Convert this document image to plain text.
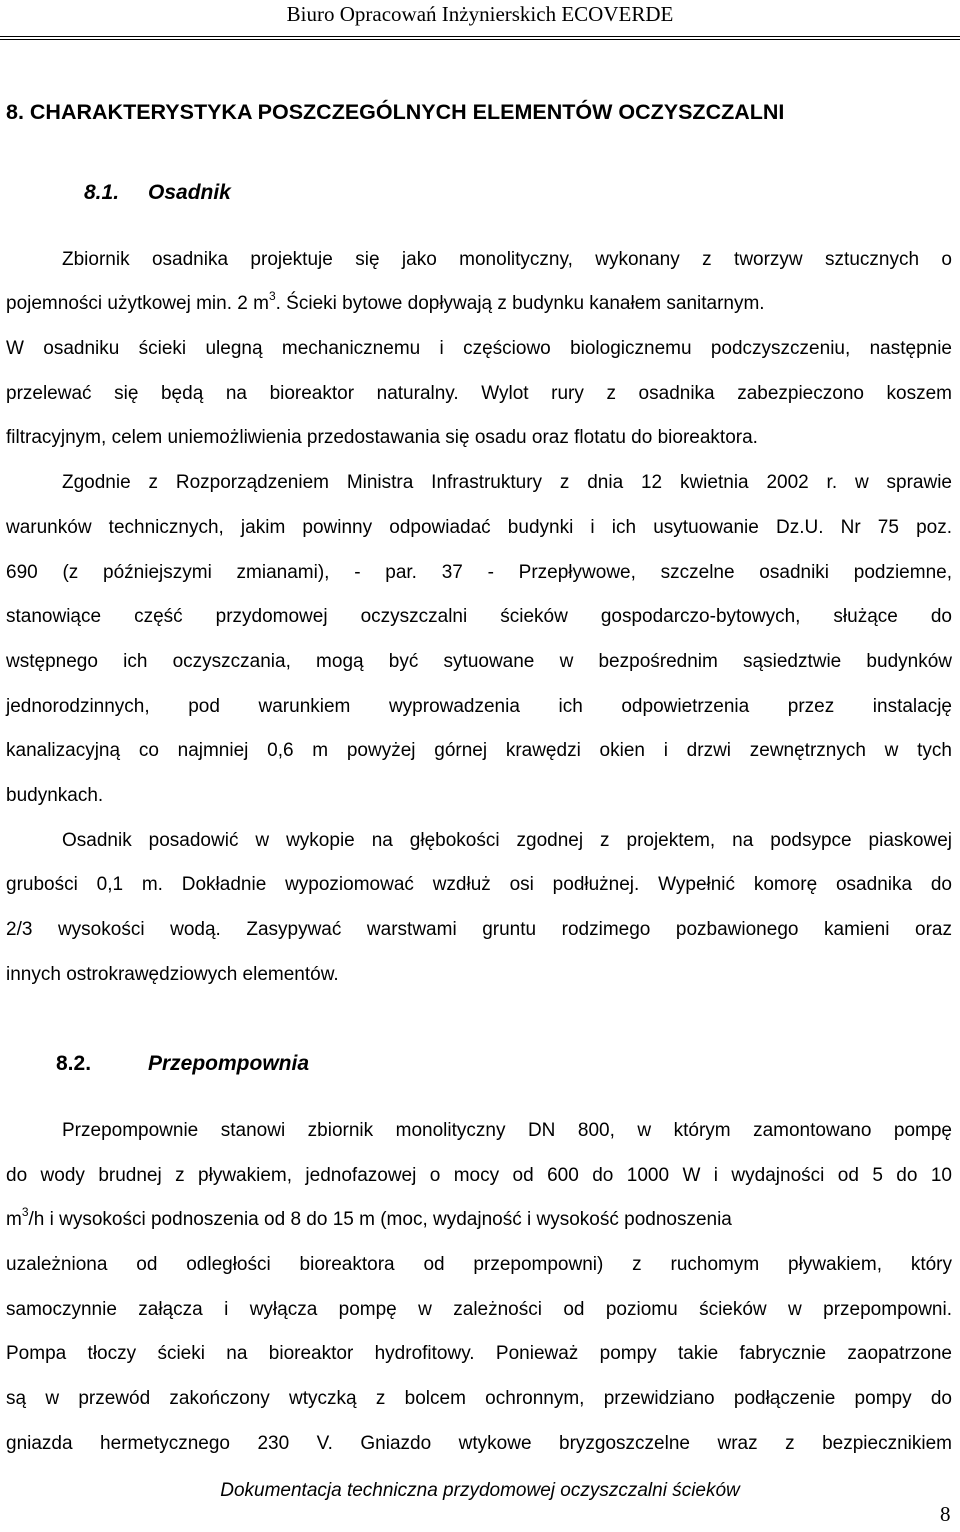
Biuro Opracowań Inżynierskich ECOVERDE
8. CHARAKTERYSTYKA POSZCZEGÓLNYCH ELEMENTÓW OCZYSZCZALNI
8.1. Osadnik
Zbiornik osadnika projektuje się jako monolityczny, wykonany z tworzyw sztucznych o
pojemności użytkowej min. 2 $m^3$. Ścieki bytowe dopływają z budynku kanałem sanitarnym.
W osadniku ścieki ulegną mechanicznemu i częściowo biologicznemu podczyszczeniu, następnie
przelewać się będą na bioreaktor naturalny. Wylot rury z osadnika zabezpieczono koszem
filtracyjnym, celem uniemożliwienia przedostawania się osadu oraz flotatu do bioreaktora.
Zgodnie z Rozporządzeniem Ministra Infrastruktury z dnia 12 kwietnia 2002 r. w sprawie
warunków technicznych, jakim powinny odpowiadać budynki i ich usytuowanie Dz.U. Nr 75 poz.
690 (z późniejszymi zmianami), - par. 37 - Przepływowe, szczelne osadniki podziemne,
stanowiące część przydomowej oczyszczalni ścieków gospodarczo-bytowych, służące do
wstępnego ich oczyszczania, mogą być sytuowane w bezpośrednim sąsiedztwie budynków
jednorodzinnych, pod warunkiem wyprowadzenia ich odpowietrzenia przez instalację
kanalizacyjną co najmniej 0,6 m powyżej górnej krawędzi okien i drzwi zewnętrznych w tych
budynkach.
Osadnik posadowić w wykopie na głębokości zgodnej z projektem, na podsypce piaskowej
grubości 0,1 m. Dokładnie wypoziomować wzdłuż osi podłużnej. Wypełnić komorę osadnika do
2/3 wysokości wodą. Zasypywać warstwami gruntu rodzimego pozbawionego kamieni oraz
innych ostrokrawędziowych elementów.
8.2.	Przepompownia
Przepompownie stanowi zbiornik monolityczny DN 800, w którym zamontowano pompę
do wody brudnej z pływakiem, jednofazowej o mocy od 600 do 1000 W i wydajności od 5 do 10
$m^3/h$ i wysokości podnoszenia od 8 do 15 m (moc, wydajność i wysokość podnoszenia
uzależniona od odległości bioreaktora od przepompowni) z ruchomym pływakiem, który
samoczynnie załącza i wyłącza pompę w zależności od poziomu ścieków w przepompowni.
Pompa tłoczy ścieki na bioreaktor hydrofitowy. Ponieważ pompy takie fabrycznie zaopatrzone
są w przewód zakończony wtyczką z bolcem ochronnym, przewidziano podłączenie pompy do
gniazda hermetycznego 230 V. Gniazdo wtykowe bryzgoszczelne wraz z bezpiecznikiem
Dokumentacja techniczna przydomowej oczyszczalni ścieków
8
